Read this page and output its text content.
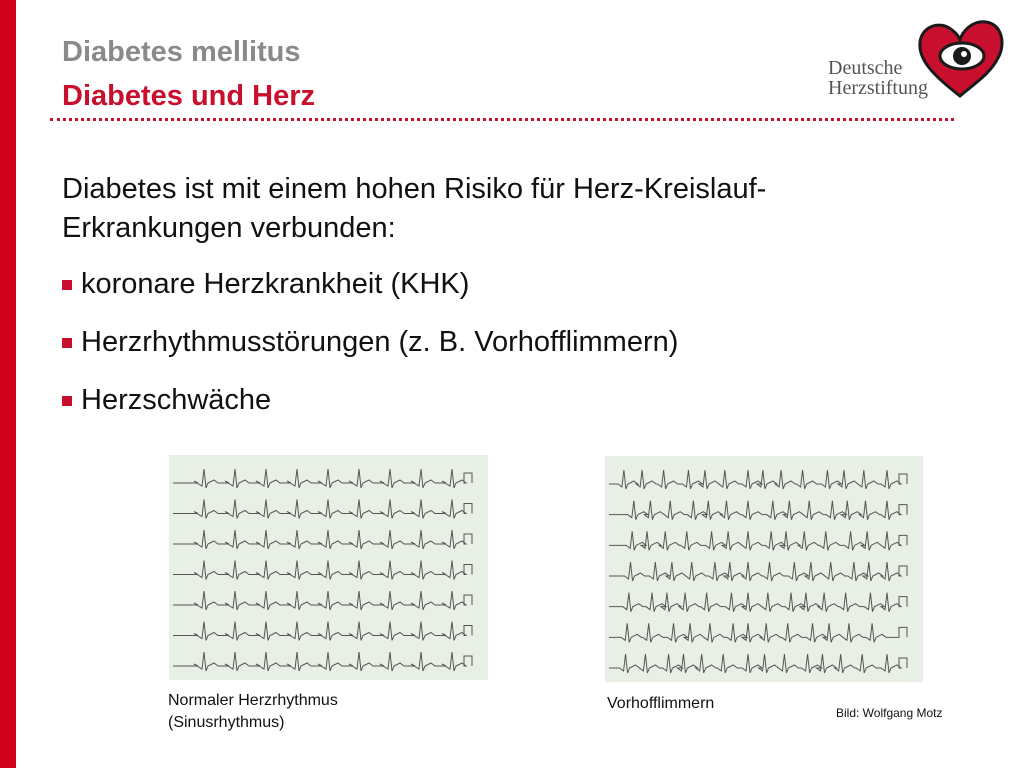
Diabetes mellitus
Diabetes und Herz
Deutsche
Herzstiftung
Diabetes ist mit einem hohen Risiko für Herz-Kreislauf-Erkrankungen verbunden:
koronare Herzkrankheit (KHK)
Herzrhythmusstörungen (z. B. Vorhofflimmern)
Herzschwäche
Normaler Herzrhythmus
(Sinusrhythmus)
Vorhofflimmern
Bild: Wolfgang Motz
